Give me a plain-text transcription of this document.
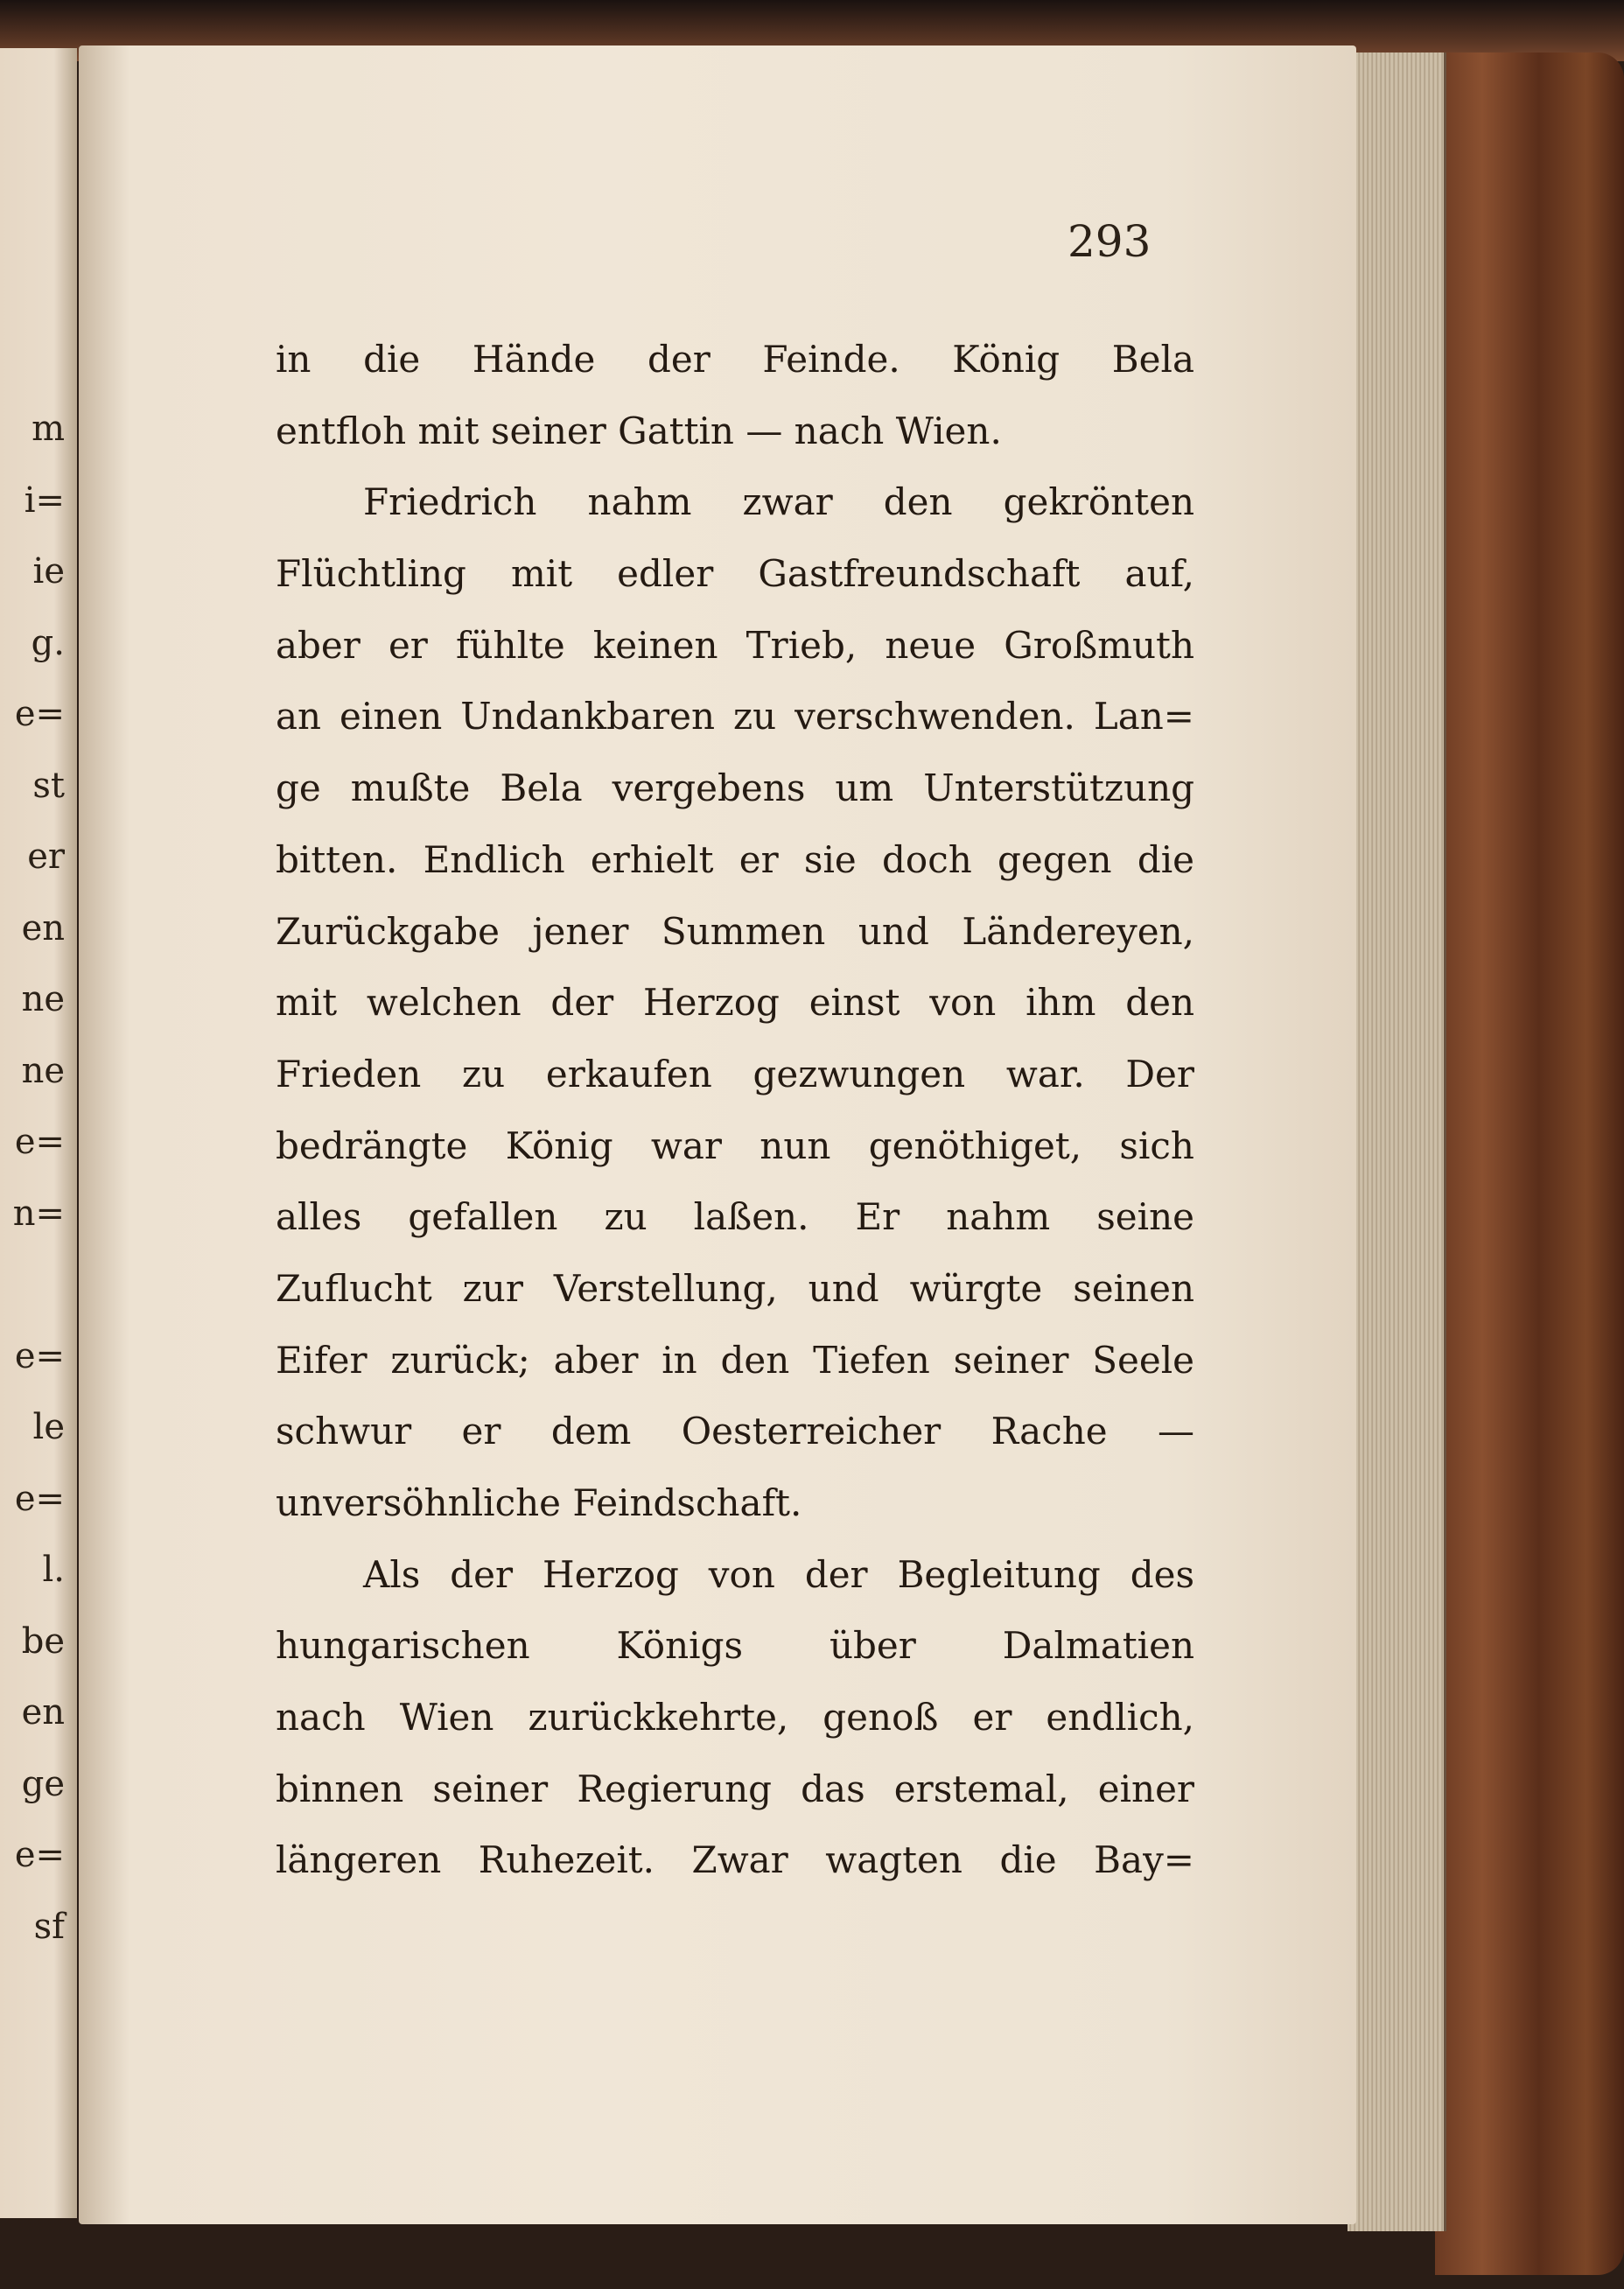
m
i=
ie
g.
e=
st
er
en
ne
ne
e=
n=
e=
le
e=
l.
be
en
ge
e=
sf
293
in die Hände der Feinde. König Bela
entfloh mit seiner Gattin — nach Wien.
Friedrich nahm zwar den gekrönten
Flüchtling mit edler Gastfreundschaft auf,
aber er fühlte keinen Trieb, neue Großmuth
an einen Undankbaren zu verschwenden. Lan=
ge mußte Bela vergebens um Unterstützung
bitten. Endlich erhielt er sie doch gegen die
Zurückgabe jener Summen und Ländereyen,
mit welchen der Herzog einst von ihm den
Frieden zu erkaufen gezwungen war. Der
bedrängte König war nun genöthiget, sich
alles gefallen zu laßen. Er nahm seine
Zuflucht zur Verstellung, und würgte seinen
Eifer zurück; aber in den Tiefen seiner Seele
schwur er dem Oesterreicher Rache —
unversöhnliche Feindschaft.
Als der Herzog von der Begleitung des
hungarischen Königs über Dalmatien
nach Wien zurückkehrte, genoß er endlich,
binnen seiner Regierung das erstemal, einer
längeren Ruhezeit. Zwar wagten die Bay=
